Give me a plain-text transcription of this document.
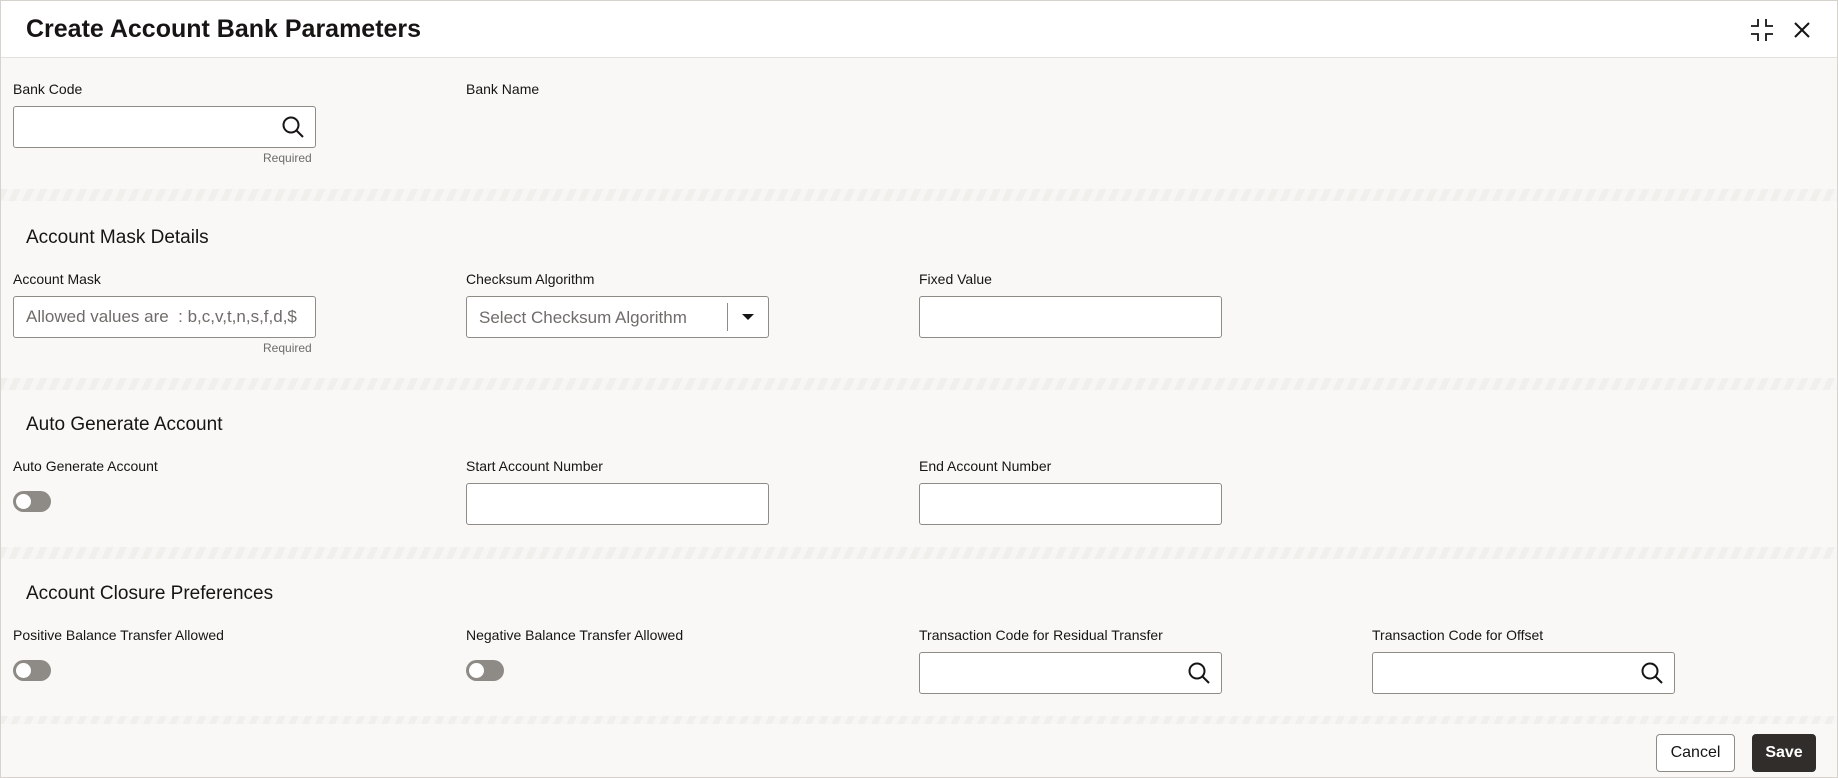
Create Account Bank Parameters
Bank Code
Required
Bank Name
Account Mask Details
Account Mask
Allowed values are : b,c,v,t,n,s,f,d,$
Required
Checksum Algorithm
Select Checksum Algorithm
Fixed Value
Auto Generate Account
Auto Generate Account	Start Account Number	End Account Number
Account Closure Preferences
Positive Balance Transfer Allowed	Negative Balance Transfer Allowed	Transaction Code for Residual Transfer	Transaction Code for Offset
Cancel	Save
